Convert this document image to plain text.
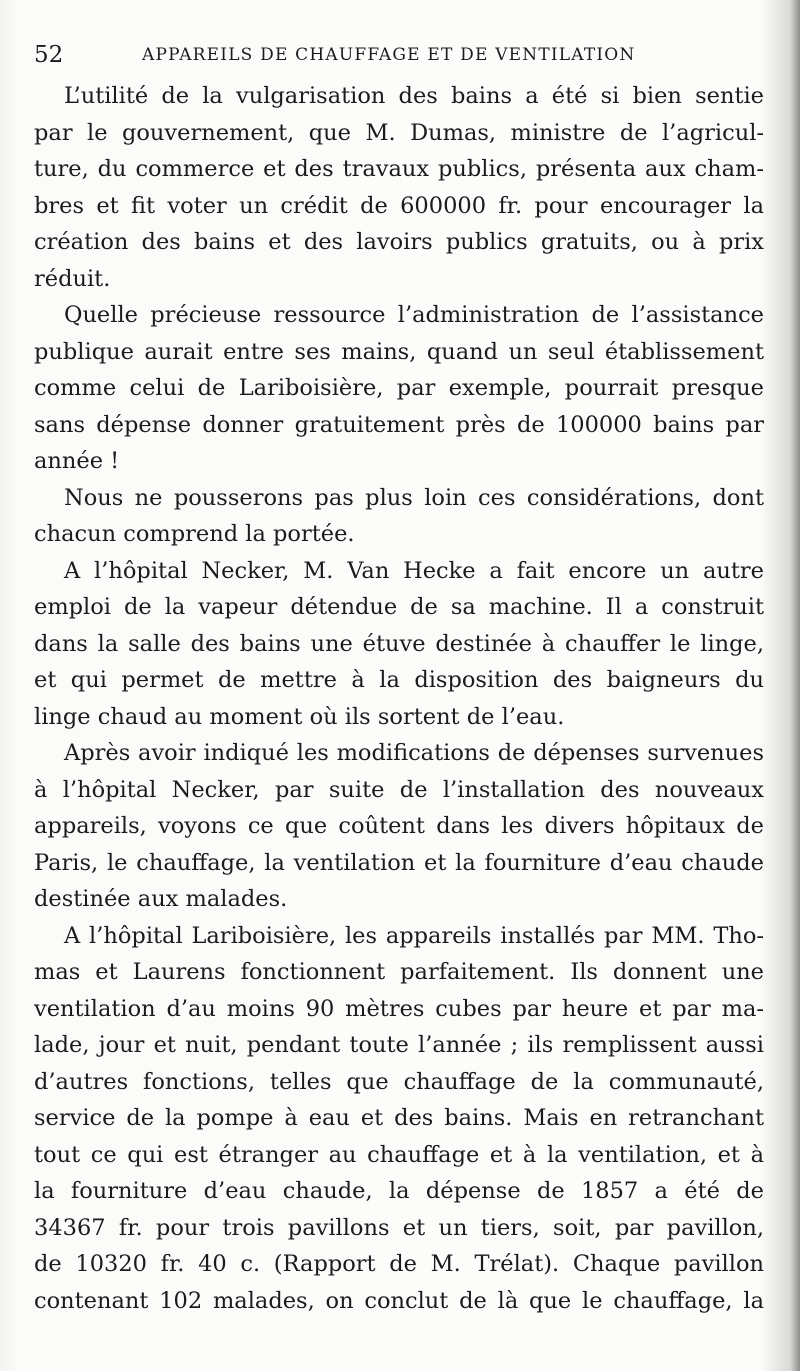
52	APPAREILS DE CHAUFFAGE ET DE VENTILATION

L’utilité de la vulgarisation des bains a été si bien sentie
par le gouvernement, que M. Dumas, ministre de l’agricul-
ture, du commerce et des travaux publics, présenta aux cham-
bres et fit voter un crédit de 600000 fr. pour encourager la
création des bains et des lavoirs publics gratuits, ou à prix
réduit.

Quelle précieuse ressource l’administration de l’assistance
publique aurait entre ses mains, quand un seul établissement
comme celui de Lariboisière, par exemple, pourrait presque
sans dépense donner gratuitement près de 100000 bains par
année !

Nous ne pousserons pas plus loin ces considérations, dont
chacun comprend la portée.

A l’hôpital Necker, M. Van Hecke a fait encore un autre
emploi de la vapeur détendue de sa machine. Il a construit
dans la salle des bains une étuve destinée à chauffer le linge,
et qui permet de mettre à la disposition des baigneurs du
linge chaud au moment où ils sortent de l’eau.

Après avoir indiqué les modifications de dépenses survenues
à l’hôpital Necker, par suite de l’installation des nouveaux
appareils, voyons ce que coûtent dans les divers hôpitaux de
Paris, le chauffage, la ventilation et la fourniture d’eau chaude
destinée aux malades.

A l’hôpital Lariboisière, les appareils installés par MM. Tho-
mas et Laurens fonctionnent parfaitement. Ils donnent une
ventilation d’au moins 90 mètres cubes par heure et par ma-
lade, jour et nuit, pendant toute l’année ; ils remplissent aussi
d’autres fonctions, telles que chauffage de la communauté,
service de la pompe à eau et des bains. Mais en retranchant
tout ce qui est étranger au chauffage et à la ventilation, et à
la fourniture d’eau chaude, la dépense de 1857 a été de
34367 fr. pour trois pavillons et un tiers, soit, par pavillon,
de 10320 fr. 40 c. (Rapport de M. Trélat). Chaque pavillon
contenant 102 malades, on conclut de là que le chauffage, la
